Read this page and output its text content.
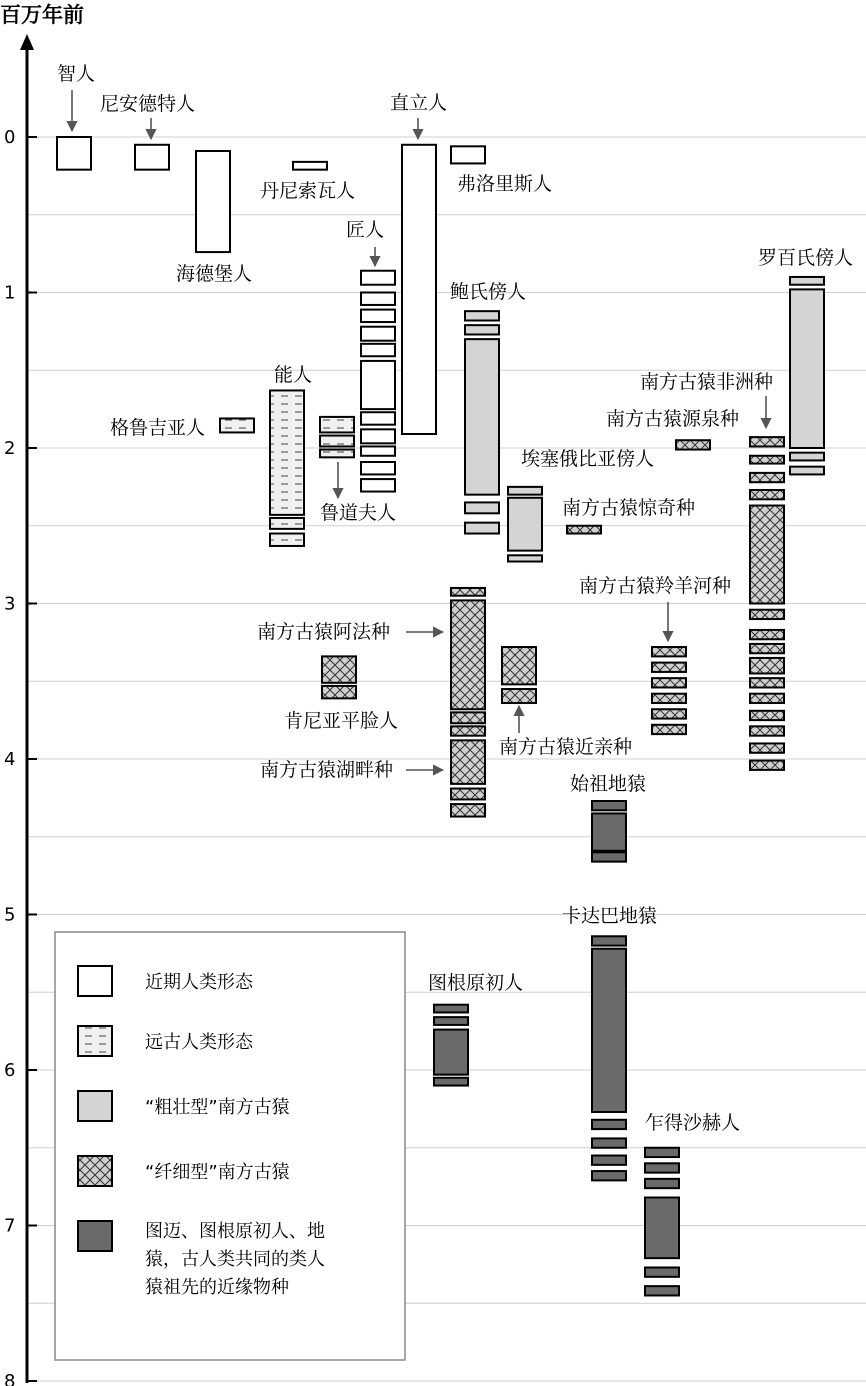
百万年前
0
1
2
3
4
5
6
7
8
近期人类形态
远古人类形态
“粗壮型”南方古猿
“纤细型”南方古猿
图迈、图根原初人、地猿，古人类共同的类人猿祖先的近缘物种
智人
尼安德特人
海德堡人
丹尼索瓦人
匠人
直立人
弗洛里斯人
格鲁吉亚人
能人
鲁道夫人
鲍氏傍人
埃塞俄比亚傍人
罗百氏傍人
南方古猿惊奇种
南方古猿源泉种
南方古猿非洲种
南方古猿羚羊河种
南方古猿阿法种
南方古猿湖畔种
肯尼亚平脸人
南方古猿近亲种
始祖地猿
卡达巴地猿
图根原初人
乍得沙赫人
